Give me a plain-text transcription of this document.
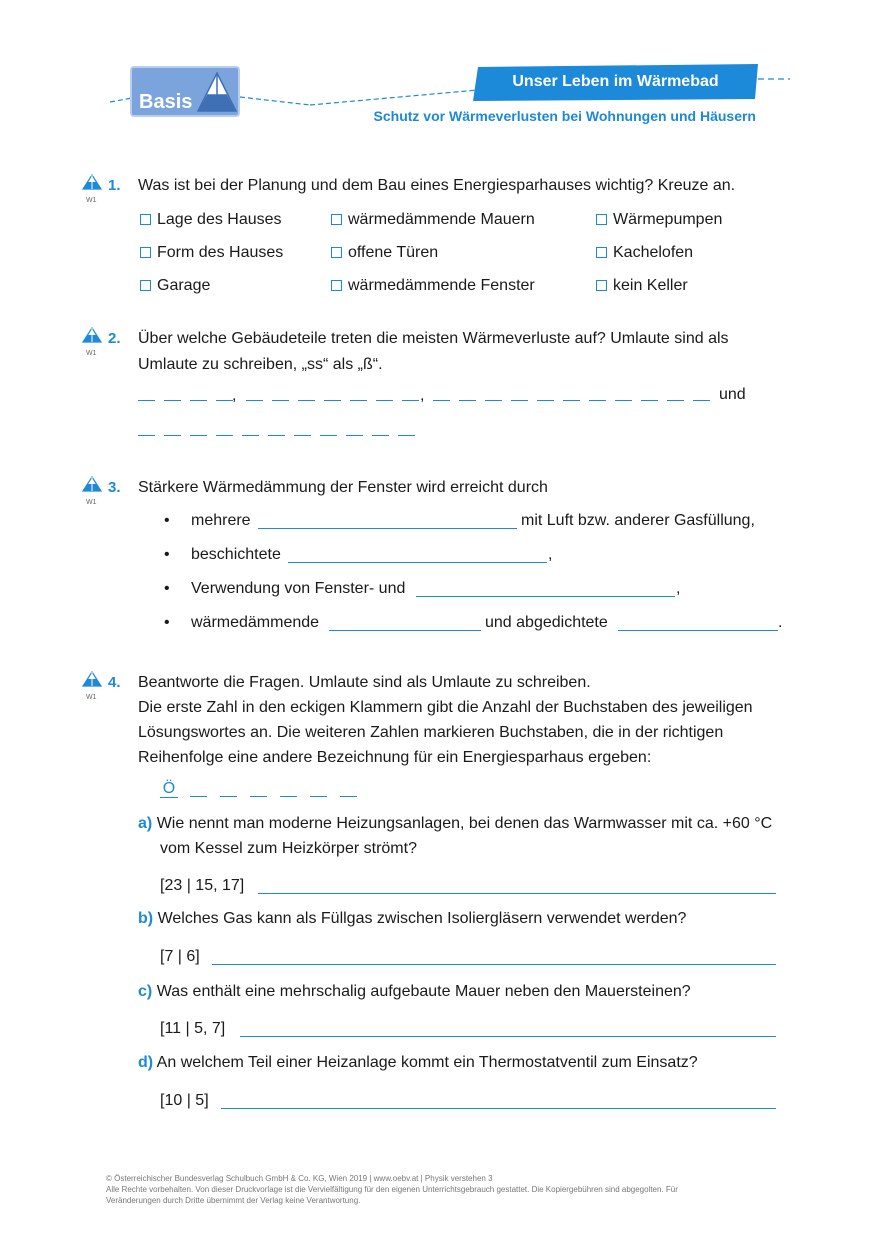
Basis
Unser Leben im Wärmebad
Schutz vor Wärmeverlusten bei Wohnungen und Häusern
W1
1. Was ist bei der Planung und dem Bau eines Energiesparhauses wichtig? Kreuze an.
Lage des Hauses	wärmedämmende Mauern	Wärmepumpen
Form des Hauses	offene Türen	Kachelofen
Garage	wärmedämmende Fenster	kein Keller
W1
2. Über welche Gebäudeteile treten die meisten Wärmeverluste auf? Umlaute sind als
Umlaute zu schreiben, „ss“ als „ß“.
,	,	und
W1
3. Stärkere Wärmedämmung der Fenster wird erreicht durch
• mehrere	mit Luft bzw. anderer Gasfüllung,
• beschichtete	,
• Verwendung von Fenster- und	,
• wärmedämmende	und abgedichtete	.
W1
4. Beantworte die Fragen. Umlaute sind als Umlaute zu schreiben.
Die erste Zahl in den eckigen Klammern gibt die Anzahl der Buchstaben des jeweiligen
Lösungswortes an. Die weiteren Zahlen markieren Buchstaben, die in der richtigen
Reihenfolge eine andere Bezeichnung für ein Energiesparhaus ergeben:
Ö
a) Wie nennt man moderne Heizungsanlagen, bei denen das Warmwasser mit ca. +60 °C
vom Kessel zum Heizkörper strömt?
[23 | 15, 17]
b) Welches Gas kann als Füllgas zwischen Isoliergläsern verwendet werden?
[7 | 6]
c) Was enthält eine mehrschalig aufgebaute Mauer neben den Mauersteinen?
[11 | 5, 7]
d) An welchem Teil einer Heizanlage kommt ein Thermostatventil zum Einsatz?
[10 | 5]
© Österreichischer Bundesverlag Schulbuch GmbH & Co. KG, Wien 2019 | www.oebv.at | Physik verstehen 3
Alle Rechte vorbehalten. Von dieser Druckvorlage ist die Vervielfältigung für den eigenen Unterrichtsgebrauch gestattet. Die Kopiergebühren sind abgegolten. Für
Veränderungen durch Dritte übernimmt der Verlag keine Verantwortung.
